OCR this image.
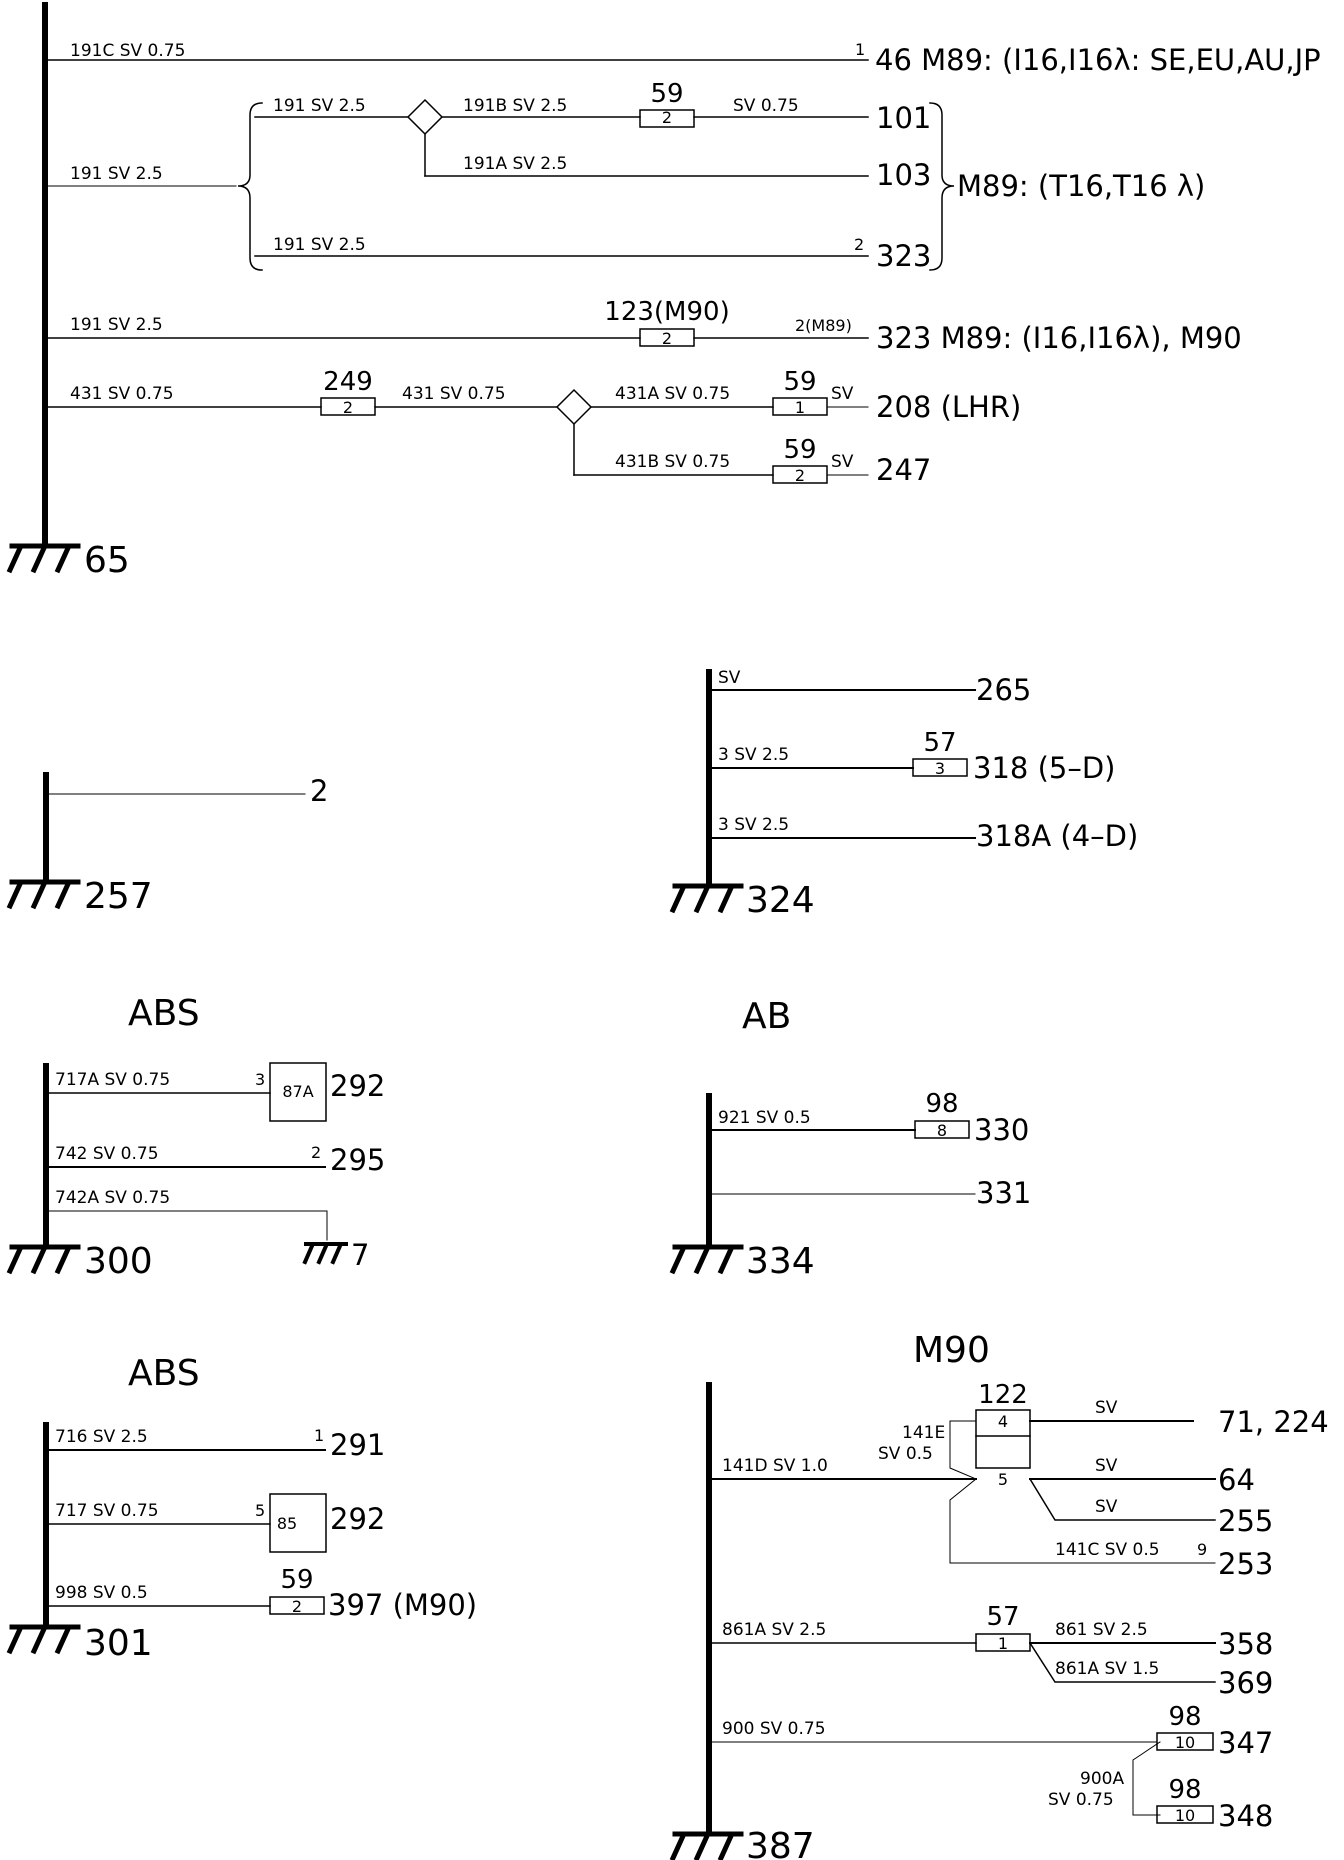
191C SV 0.75	1 46 M89: (I16,I16λ: SE,EU,AU,JP
191 SV 2.5
191 SV 2.5	191B SV 2.5	59
2
SV 0.75	101
191A SV 2.5	103
191 SV 2.5	2 323
M89: (T16,T16 λ)
191 SV 2.5	123(M90)
2
2(M89) 323 M89: (I16,I16λ), M90
431 SV 0.75	249
2
431 SV 0.75	431A SV 0.75 59
1
SV 208 (LHR)
431B SV 0.75 59
2
SV 247
65
2
257
SV	265
3 SV 2.5	57
3 318 (5–D)
3 SV 2.5	318A (4–D)
324
ABS
717A SV 0.75	3
87A 292
742 SV 0.75	2 295
742A SV 0.75
7
300
AB
921 SV 0.5	98
8 330
331
334
ABS
716 SV 2.5	1 291
717 SV 0.75	5
85 292
998 SV 0.5	59
2 397 (M90)
301
M90
122
4
5
141E
SV 0.5
141D SV 1.0
SV	71, 224
SV	64
SV	255
141C SV 0.5 9 253
861A SV 2.5	57
1
861 SV 2.5 358
861A SV 1.5 369
900 SV 0.75	98
10 347
900A
SV 0.75 98
10 348
387
